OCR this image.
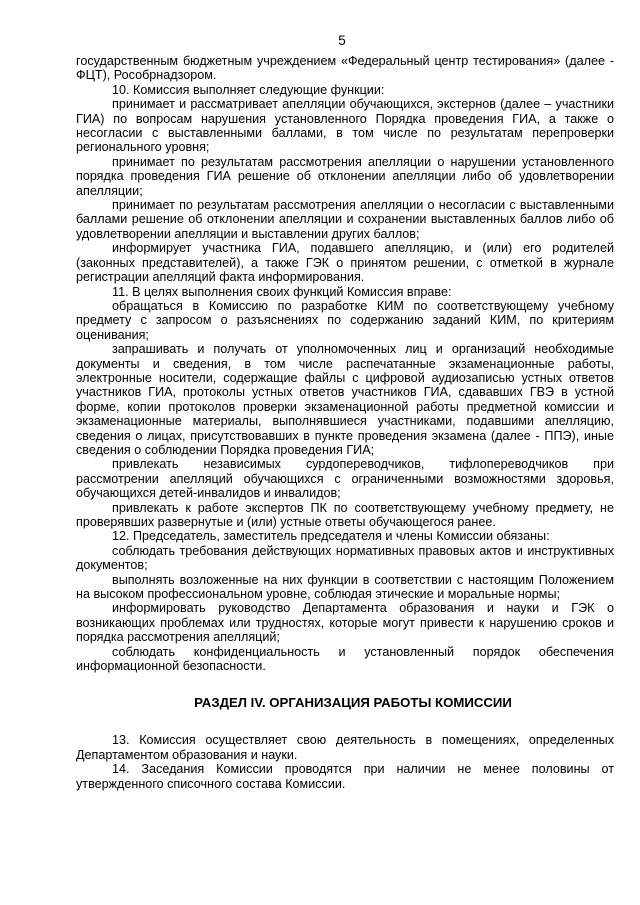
5

государственным бюджетным учреждением «Федеральный центр тестирования» (далее - ФЦТ), Рособрнадзором.

10. Комиссия выполняет следующие функции:

принимает и рассматривает апелляции обучающихся, экстернов (далее – участники ГИА) по вопросам нарушения установленного Порядка проведения ГИА, а также о несогласии с выставленными баллами, в том числе по результатам перепроверки регионального уровня;

принимает по результатам рассмотрения апелляции о нарушении установленного порядка проведения ГИА решение об отклонении апелляции либо об удовлетворении апелляции;

принимает по результатам рассмотрения апелляции о несогласии с выставленными баллами решение об отклонении апелляции и сохранении выставленных баллов либо об удовлетворении апелляции и выставлении других баллов;

информирует участника ГИА, подавшего апелляцию, и (или) его родителей (законных представителей), а также ГЭК о принятом решении, с отметкой в журнале регистрации апелляций факта информирования.

11. В целях выполнения своих функций Комиссия вправе:

обращаться в Комиссию по разработке КИМ по соответствующему учебному предмету с запросом о разъяснениях по содержанию заданий КИМ, по критериям оценивания;

запрашивать и получать от уполномоченных лиц и организаций необходимые документы и сведения, в том числе распечатанные экзаменационные работы, электронные носители, содержащие файлы с цифровой аудиозаписью устных ответов участников ГИА, протоколы устных ответов участников ГИА, сдававших ГВЭ в устной форме, копии протоколов проверки экзаменационной работы предметной комиссии и экзаменационные материалы, выполнявшиеся участниками, подавшими апелляцию, сведения о лицах, присутствовавших в пункте проведения экзамена (далее - ППЭ), иные сведения о соблюдении Порядка проведения ГИА;

привлекать независимых сурдопереводчиков, тифлопереводчиков при рассмотрении апелляций обучающихся с ограниченными возможностями здоровья, обучающихся детей-инвалидов и инвалидов;

привлекать к работе экспертов ПК по соответствующему учебному предмету, не проверявших развернутые и (или) устные ответы обучающегося ранее.

12. Председатель, заместитель председателя и члены Комиссии обязаны:

соблюдать требования действующих нормативных правовых актов и инструктивных документов;

выполнять возложенные на них функции в соответствии с настоящим Положением на высоком профессиональном уровне, соблюдая этические и моральные нормы;

информировать руководство Департамента образования и науки и ГЭК о возникающих проблемах или трудностях, которые могут привести к нарушению сроков и порядка рассмотрения апелляций;

соблюдать конфиденциальность и установленный порядок обеспечения информационной безопасности.

РАЗДЕЛ IV. ОРГАНИЗАЦИЯ РАБОТЫ КОМИССИИ

13. Комиссия осуществляет свою деятельность в помещениях, определенных Департаментом образования и науки.

14. Заседания Комиссии проводятся при наличии не менее половины от утвержденного списочного состава Комиссии.
